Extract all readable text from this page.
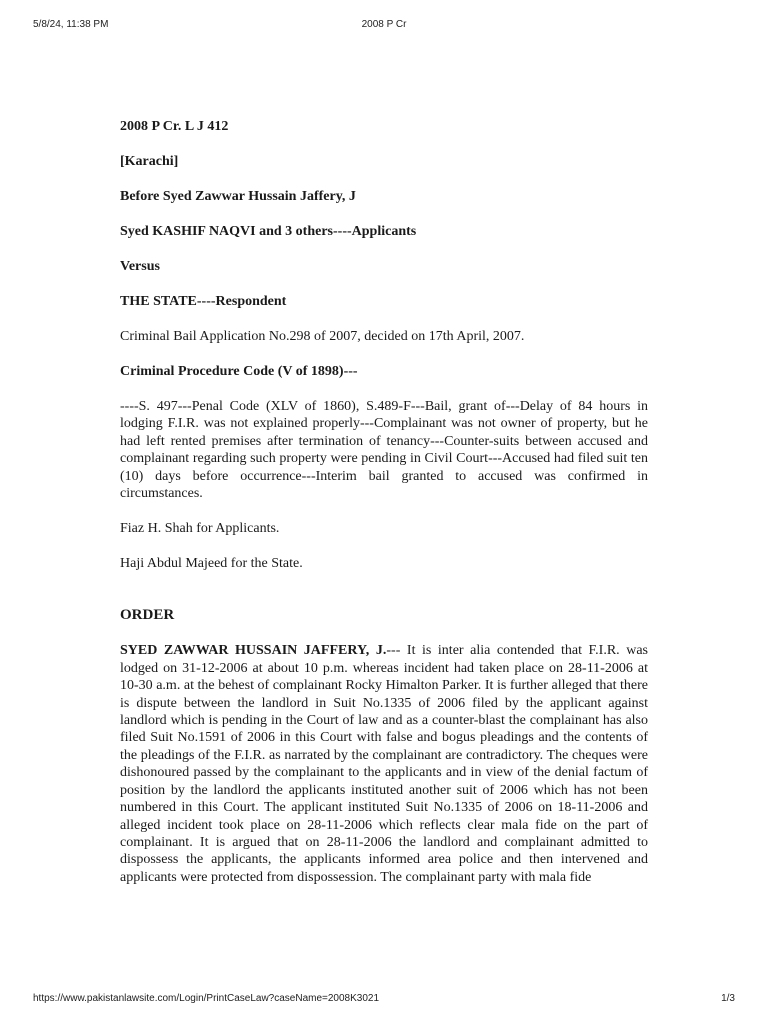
5/8/24, 11:38 PM	2008 P Cr

2008 P Cr. L J 412

[Karachi]

Before Syed Zawwar Hussain Jaffery, J

Syed KASHIF NAQVI and 3 others----Applicants

Versus

THE STATE----Respondent

Criminal Bail Application No.298 of 2007, decided on 17th April, 2007.

Criminal Procedure Code (V of 1898)---

----S. 497---Penal Code (XLV of 1860), S.489-F---Bail, grant of---Delay of 84 hours in lodging F.I.R. was not explained properly---Complainant was not owner of property, but he had left rented premises after termination of tenancy---Counter-suits between accused and complainant regarding such property were pending in Civil Court---Accused had filed suit ten (10) days before occurrence---Interim bail granted to accused was confirmed in circumstances.

Fiaz H. Shah for Applicants.

Haji Abdul Majeed for the State.

ORDER

SYED ZAWWAR HUSSAIN JAFFERY, J.--- It is inter alia contended that F.I.R. was lodged on 31-12-2006 at about 10 p.m. whereas incident had taken place on 28-11-2006 at 10-30 a.m. at the behest of complainant Rocky Himalton Parker. It is further alleged that there is dispute between the landlord in Suit No.1335 of 2006 filed by the applicant against landlord which is pending in the Court of law and as a counter-blast the complainant has also filed Suit No.1591 of 2006 in this Court with false and bogus pleadings and the contents of the pleadings of the F.I.R. as narrated by the complainant are contradictory. The cheques were dishonoured passed by the complainant to the applicants and in view of the denial factum of position by the landlord the applicants instituted another suit of 2006 which has not been numbered in this Court. The applicant instituted Suit No.1335 of 2006 on 18-11-2006 and alleged incident took place on 28-11-2006 which reflects clear mala fide on the part of complainant. It is argued that on 28-11-2006 the landlord and complainant admitted to dispossess the applicants, the applicants informed area police and then intervened and applicants were protected from dispossession. The complainant party with mala fide

https://www.pakistanlawsite.com/Login/PrintCaseLaw?caseName=2008K3021	1/3
